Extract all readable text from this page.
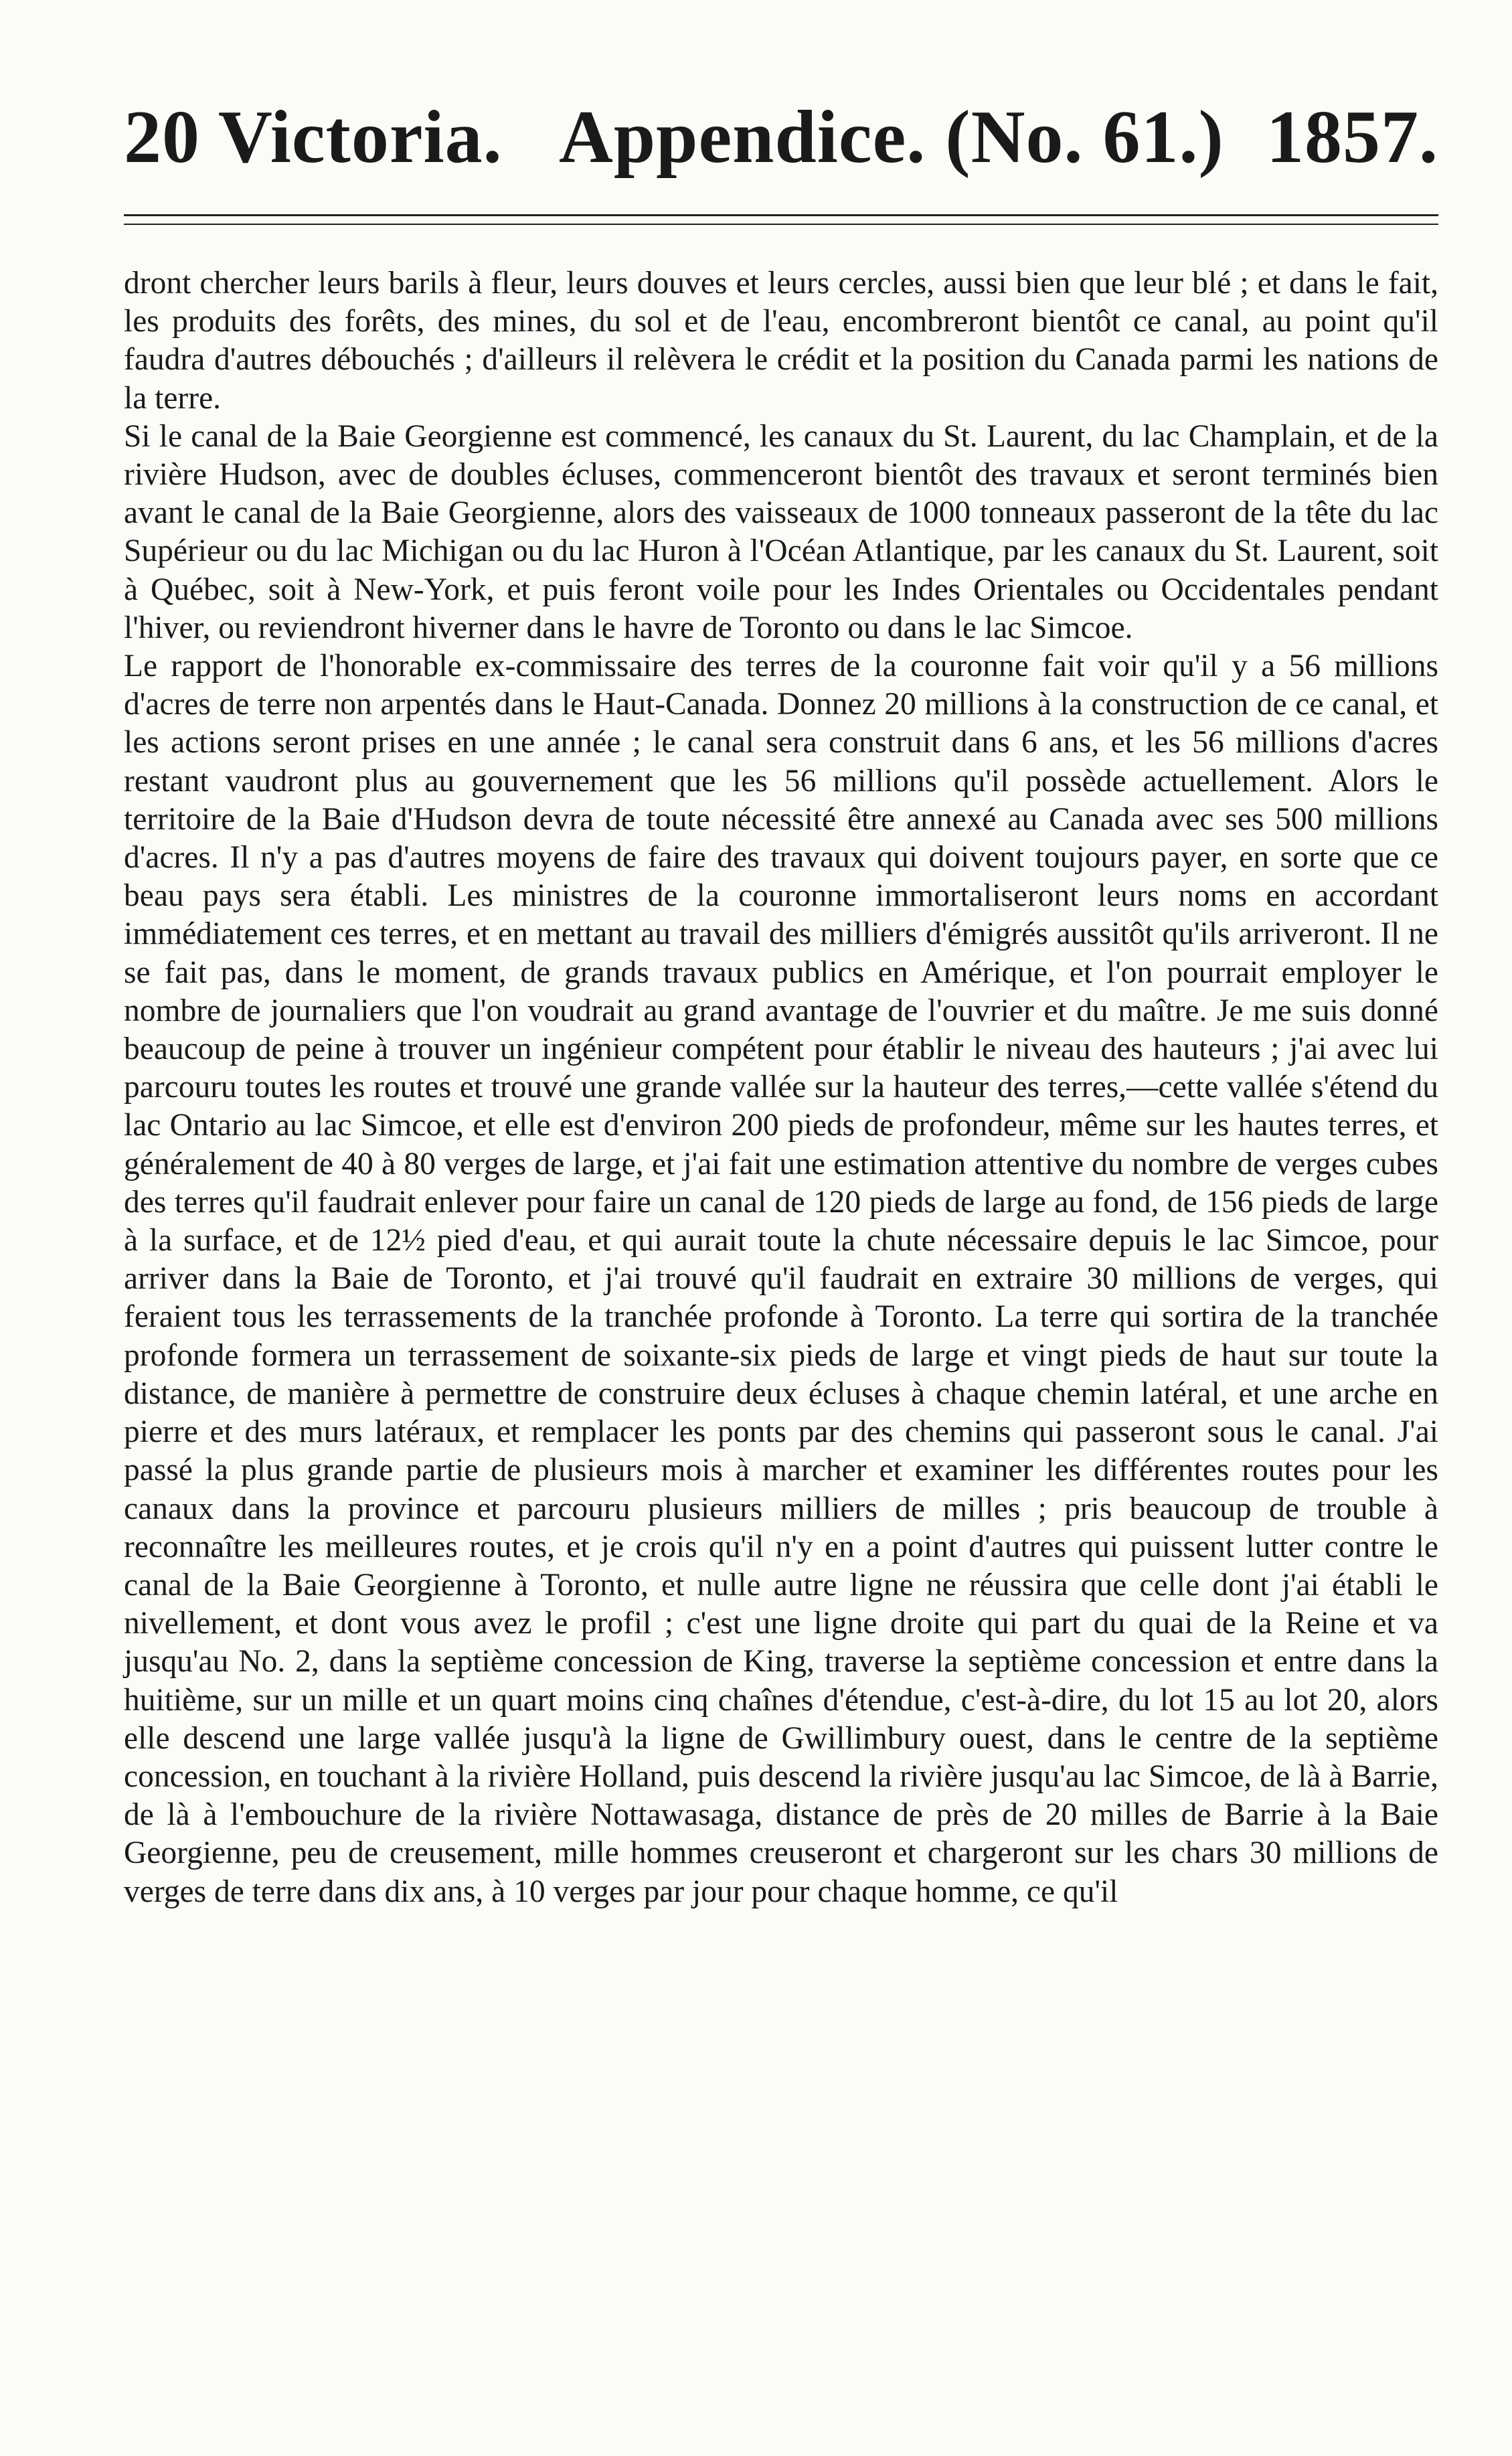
20 Victoria. Appendice. (No. 61.) 1857.

dront chercher leurs barils à fleur, leurs douves et leurs cercles, aussi bien que leur blé ; et dans le fait, les produits des forêts, des mines, du sol et de l'eau, encombreront bientôt ce canal, au point qu'il faudra d'autres débouchés ; d'ailleurs il relèvera le crédit et la position du Canada parmi les nations de la terre.

Si le canal de la Baie Georgienne est commencé, les canaux du St. Laurent, du lac Champlain, et de la rivière Hudson, avec de doubles écluses, commenceront bientôt des travaux et seront terminés bien avant le canal de la Baie Georgienne, alors des vaisseaux de 1000 tonneaux passeront de la tête du lac Supérieur ou du lac Michigan ou du lac Huron à l'Océan Atlantique, par les canaux du St. Laurent, soit à Québec, soit à New-York, et puis feront voile pour les Indes Orientales ou Occidentales pendant l'hiver, ou reviendront hiverner dans le havre de Toronto ou dans le lac Simcoe.

Le rapport de l'honorable ex-commissaire des terres de la couronne fait voir qu'il y a 56 millions d'acres de terre non arpentés dans le Haut-Canada. Donnez 20 millions à la construction de ce canal, et les actions seront prises en une année ; le canal sera construit dans 6 ans, et les 56 millions d'acres restant vaudront plus au gouvernement que les 56 millions qu'il possède actuellement. Alors le territoire de la Baie d'Hudson devra de toute nécessité être annexé au Canada avec ses 500 millions d'acres. Il n'y a pas d'autres moyens de faire des travaux qui doivent toujours payer, en sorte que ce beau pays sera établi. Les ministres de la couronne immortaliseront leurs noms en accordant immédiatement ces terres, et en mettant au travail des milliers d'émigrés aussitôt qu'ils arriveront. Il ne se fait pas, dans le moment, de grands travaux publics en Amérique, et l'on pourrait employer le nombre de journaliers que l'on voudrait au grand avantage de l'ouvrier et du maître. Je me suis donné beaucoup de peine à trouver un ingénieur compétent pour établir le niveau des hauteurs ; j'ai avec lui parcouru toutes les routes et trouvé une grande vallée sur la hauteur des terres,—cette vallée s'étend du lac Ontario au lac Simcoe, et elle est d'environ 200 pieds de profondeur, même sur les hautes terres, et généralement de 40 à 80 verges de large, et j'ai fait une estimation attentive du nombre de verges cubes des terres qu'il faudrait enlever pour faire un canal de 120 pieds de large au fond, de 156 pieds de large à la surface, et de 12½ pied d'eau, et qui aurait toute la chute nécessaire depuis le lac Simcoe, pour arriver dans la Baie de Toronto, et j'ai trouvé qu'il faudrait en extraire 30 millions de verges, qui feraient tous les terrassements de la tranchée profonde à Toronto. La terre qui sortira de la tranchée profonde formera un terrassement de soixante-six pieds de large et vingt pieds de haut sur toute la distance, de manière à permettre de construire deux écluses à chaque chemin latéral, et une arche en pierre et des murs latéraux, et remplacer les ponts par des chemins qui passeront sous le canal. J'ai passé la plus grande partie de plusieurs mois à marcher et examiner les différentes routes pour les canaux dans la province et parcouru plusieurs milliers de milles ; pris beaucoup de trouble à reconnaître les meilleures routes, et je crois qu'il n'y en a point d'autres qui puissent lutter contre le canal de la Baie Georgienne à Toronto, et nulle autre ligne ne réussira que celle dont j'ai établi le nivellement, et dont vous avez le profil ; c'est une ligne droite qui part du quai de la Reine et va jusqu'au No. 2, dans la septième concession de King, traverse la septième concession et entre dans la huitième, sur un mille et un quart moins cinq chaînes d'étendue, c'est-à-dire, du lot 15 au lot 20, alors elle descend une large vallée jusqu'à la ligne de Gwillimbury ouest, dans le centre de la septième concession, en touchant à la rivière Holland, puis descend la rivière jusqu'au lac Simcoe, de là à Barrie, de là à l'embouchure de la rivière Nottawasaga, distance de près de 20 milles de Barrie à la Baie Georgienne, peu de creusement, mille hommes creuseront et chargeront sur les chars 30 millions de verges de terre dans dix ans, à 10 verges par jour pour chaque homme, ce qu'il
